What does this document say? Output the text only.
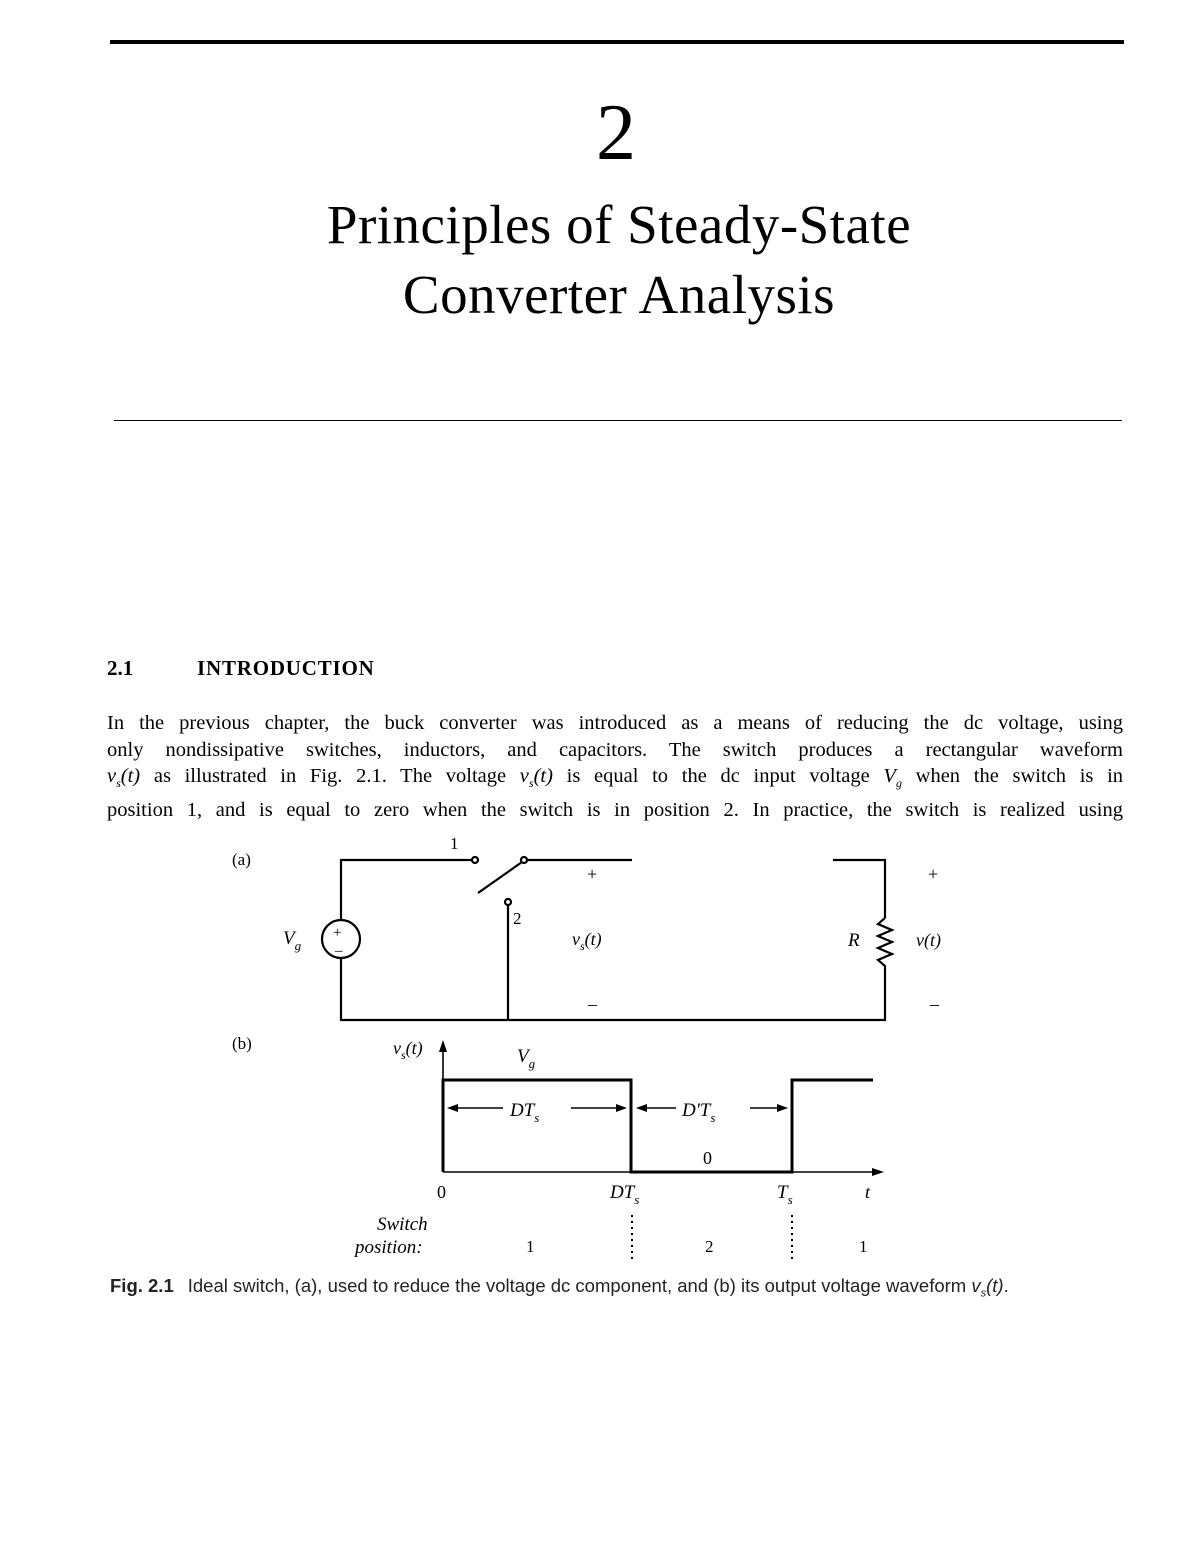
2
Principles of Steady-State
Converter Analysis
2.1	INTRODUCTION
In the previous chapter, the buck converter was introduced as a means of reducing the dc voltage, using
only nondissipative switches, inductors, and capacitors. The switch produces a rectangular waveform
$v_s(t)$ as illustrated in Fig. 2.1. The voltage $v_s(t)$ is equal to the dc input voltage $V_g$ when the switch is in
position 1, and is equal to zero when the switch is in position 2. In practice, the switch is realized using
(a)
+
–
$V_g$
1
2
+
$v_s(t)$
–
R
+
v(t)
–
(b)	$v_s(t)$	$V_g$
$DT_s$	$D'T_s$
0
0	$DT_s$	$T_s$	t
Switch
position:	1	2	1
Fig. 2.1 Ideal switch, (a), used to reduce the voltage dc component, and (b) its output voltage waveform $v_s(t)$.
